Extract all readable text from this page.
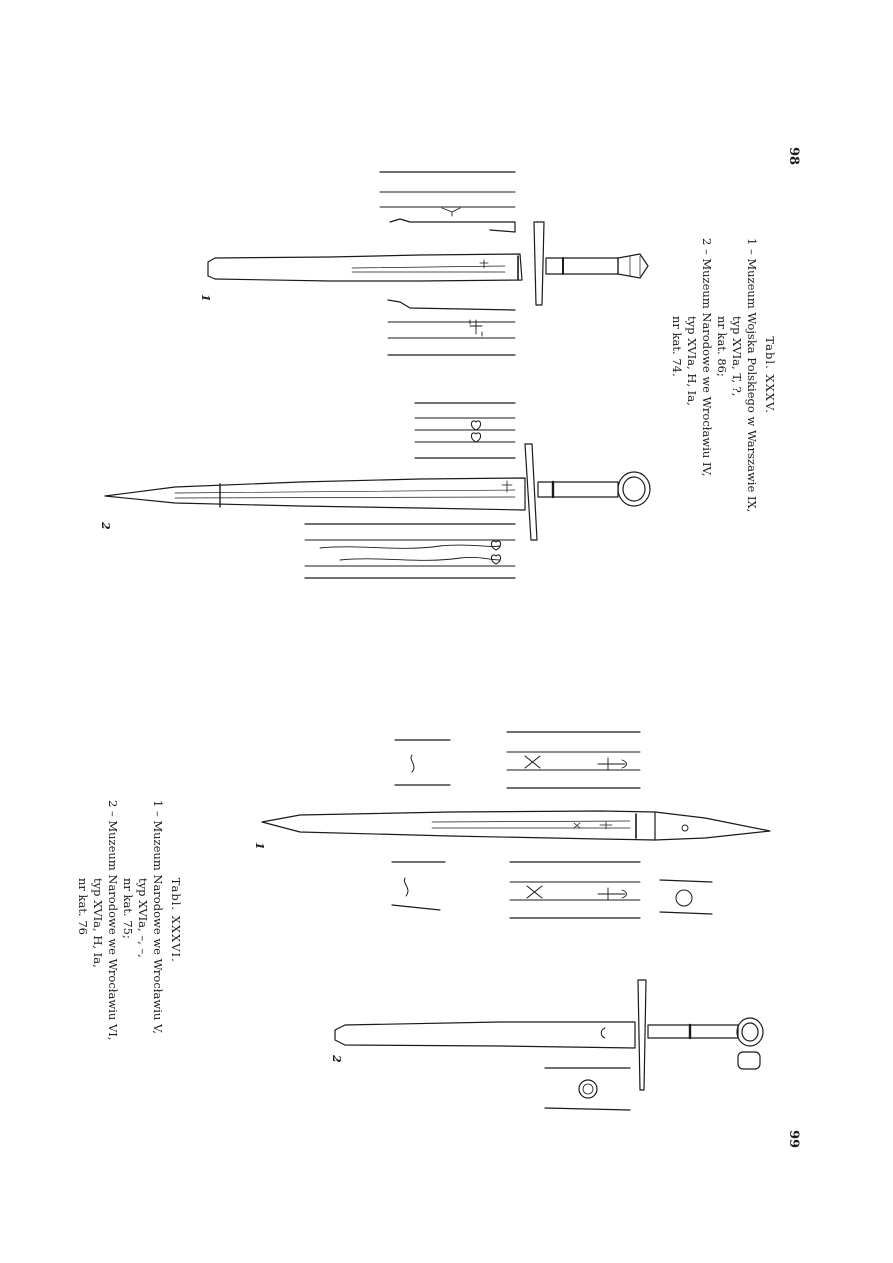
98
99
Tabl. XXXV.
1 – Muzeum Wojska Polskiego w Warszawie IX,
typ XVIa, T, ?,
nr kat. 86;
2 – Muzeum Narodowe we Wrocławiu IV,
typ XVIa, H, Ia,
nr kat. 74.
Tabl. XXXVI.
1 – Muzeum Narodowe we Wrocławiu V,
typ XVIa, –, –,
nr kat. 75;
2 – Muzeum Narodowe we Wrocławiu VI,
typ XVIa, H, Ia,
nr kat. 76
1
2
1
2
